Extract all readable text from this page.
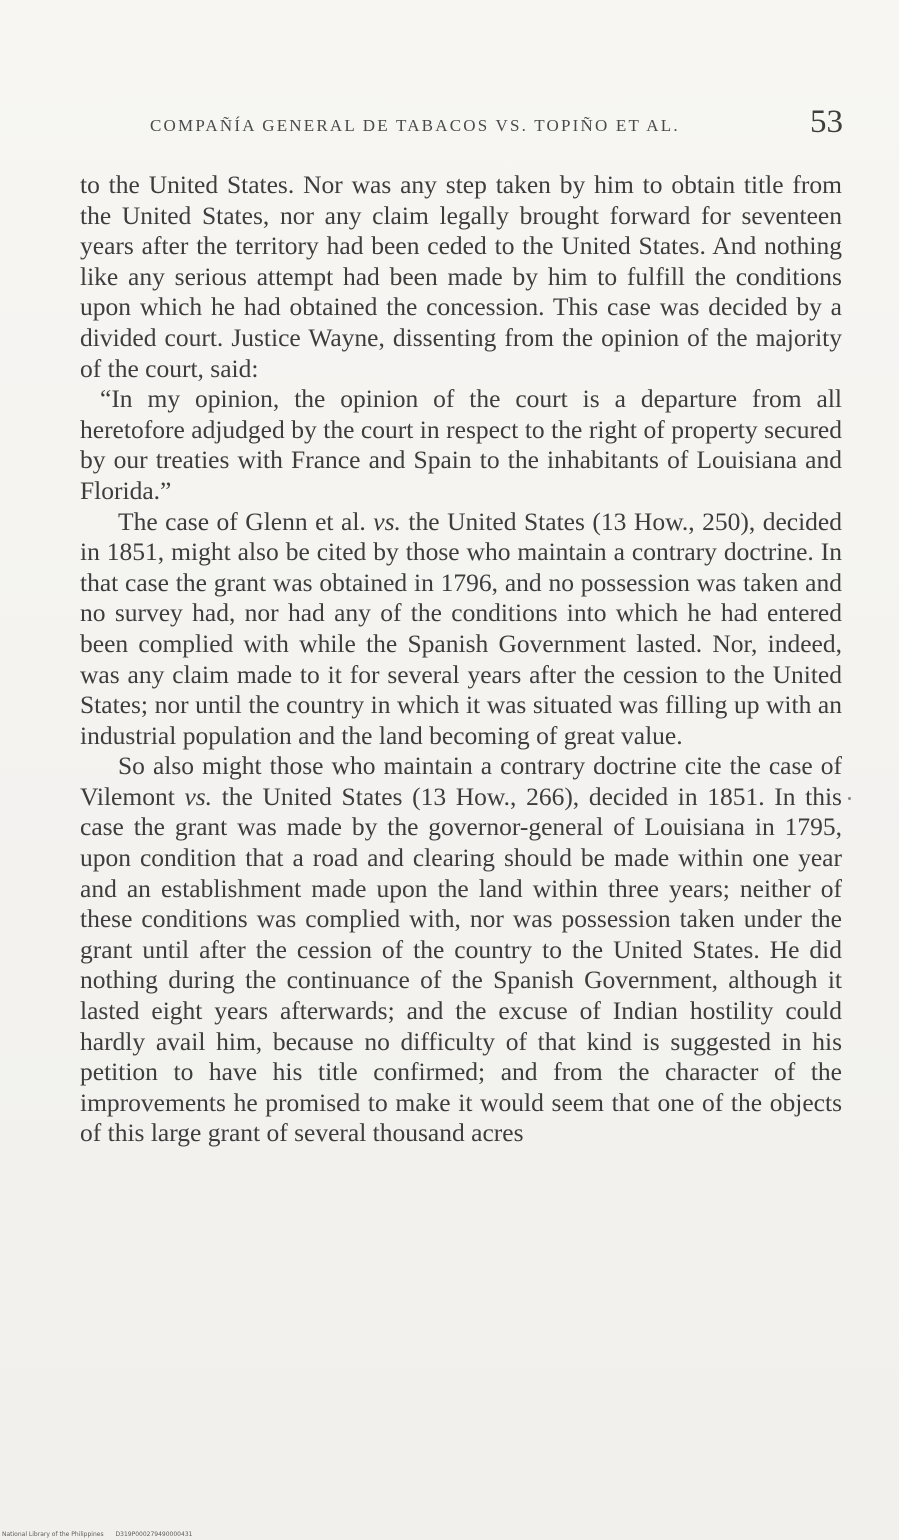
COMPAÑÍA GENERAL DE TABACOS VS. TOPIÑO ET AL.	53

to the United States. Nor was any step taken by him to obtain title from the United States, nor any claim legally brought forward for seventeen years after the territory had been ceded to the United States. And nothing like any serious attempt had been made by him to fulfill the conditions upon which he had obtained the concession. This case was decided by a divided court. Justice Wayne, dissenting from the opinion of the majority of the court, said:

“In my opinion, the opinion of the court is a departure from all heretofore adjudged by the court in respect to the right of property secured by our treaties with France and Spain to the inhabitants of Louisiana and Florida.”

The case of Glenn et al. vs. the United States (13 How., 250), decided in 1851, might also be cited by those who maintain a contrary doctrine. In that case the grant was obtained in 1796, and no possession was taken and no survey had, nor had any of the conditions into which he had entered been complied with while the Spanish Government lasted. Nor, indeed, was any claim made to it for several years after the cession to the United States; nor until the country in which it was situated was filling up with an industrial population and the land becoming of great value.

So also might those who maintain a contrary doctrine cite the case of Vilemont vs. the United States (13 How., 266), decided in 1851. In this case the grant was made by the governor-general of Louisiana in 1795, upon condition that a road and clearing should be made within one year and an establishment made upon the land within three years; neither of these conditions was complied with, nor was possession taken under the grant until after the cession of the country to the United States. He did nothing during the continuance of the Spanish Government, although it lasted eight years afterwards; and the excuse of Indian hostility could hardly avail him, because no difficulty of that kind is suggested in his petition to have his title confirmed; and from the character of the improvements he promised to make it would seem that one of the objects of this large grant of several thousand acres

National Library of the Philippines D319P000279490000431
